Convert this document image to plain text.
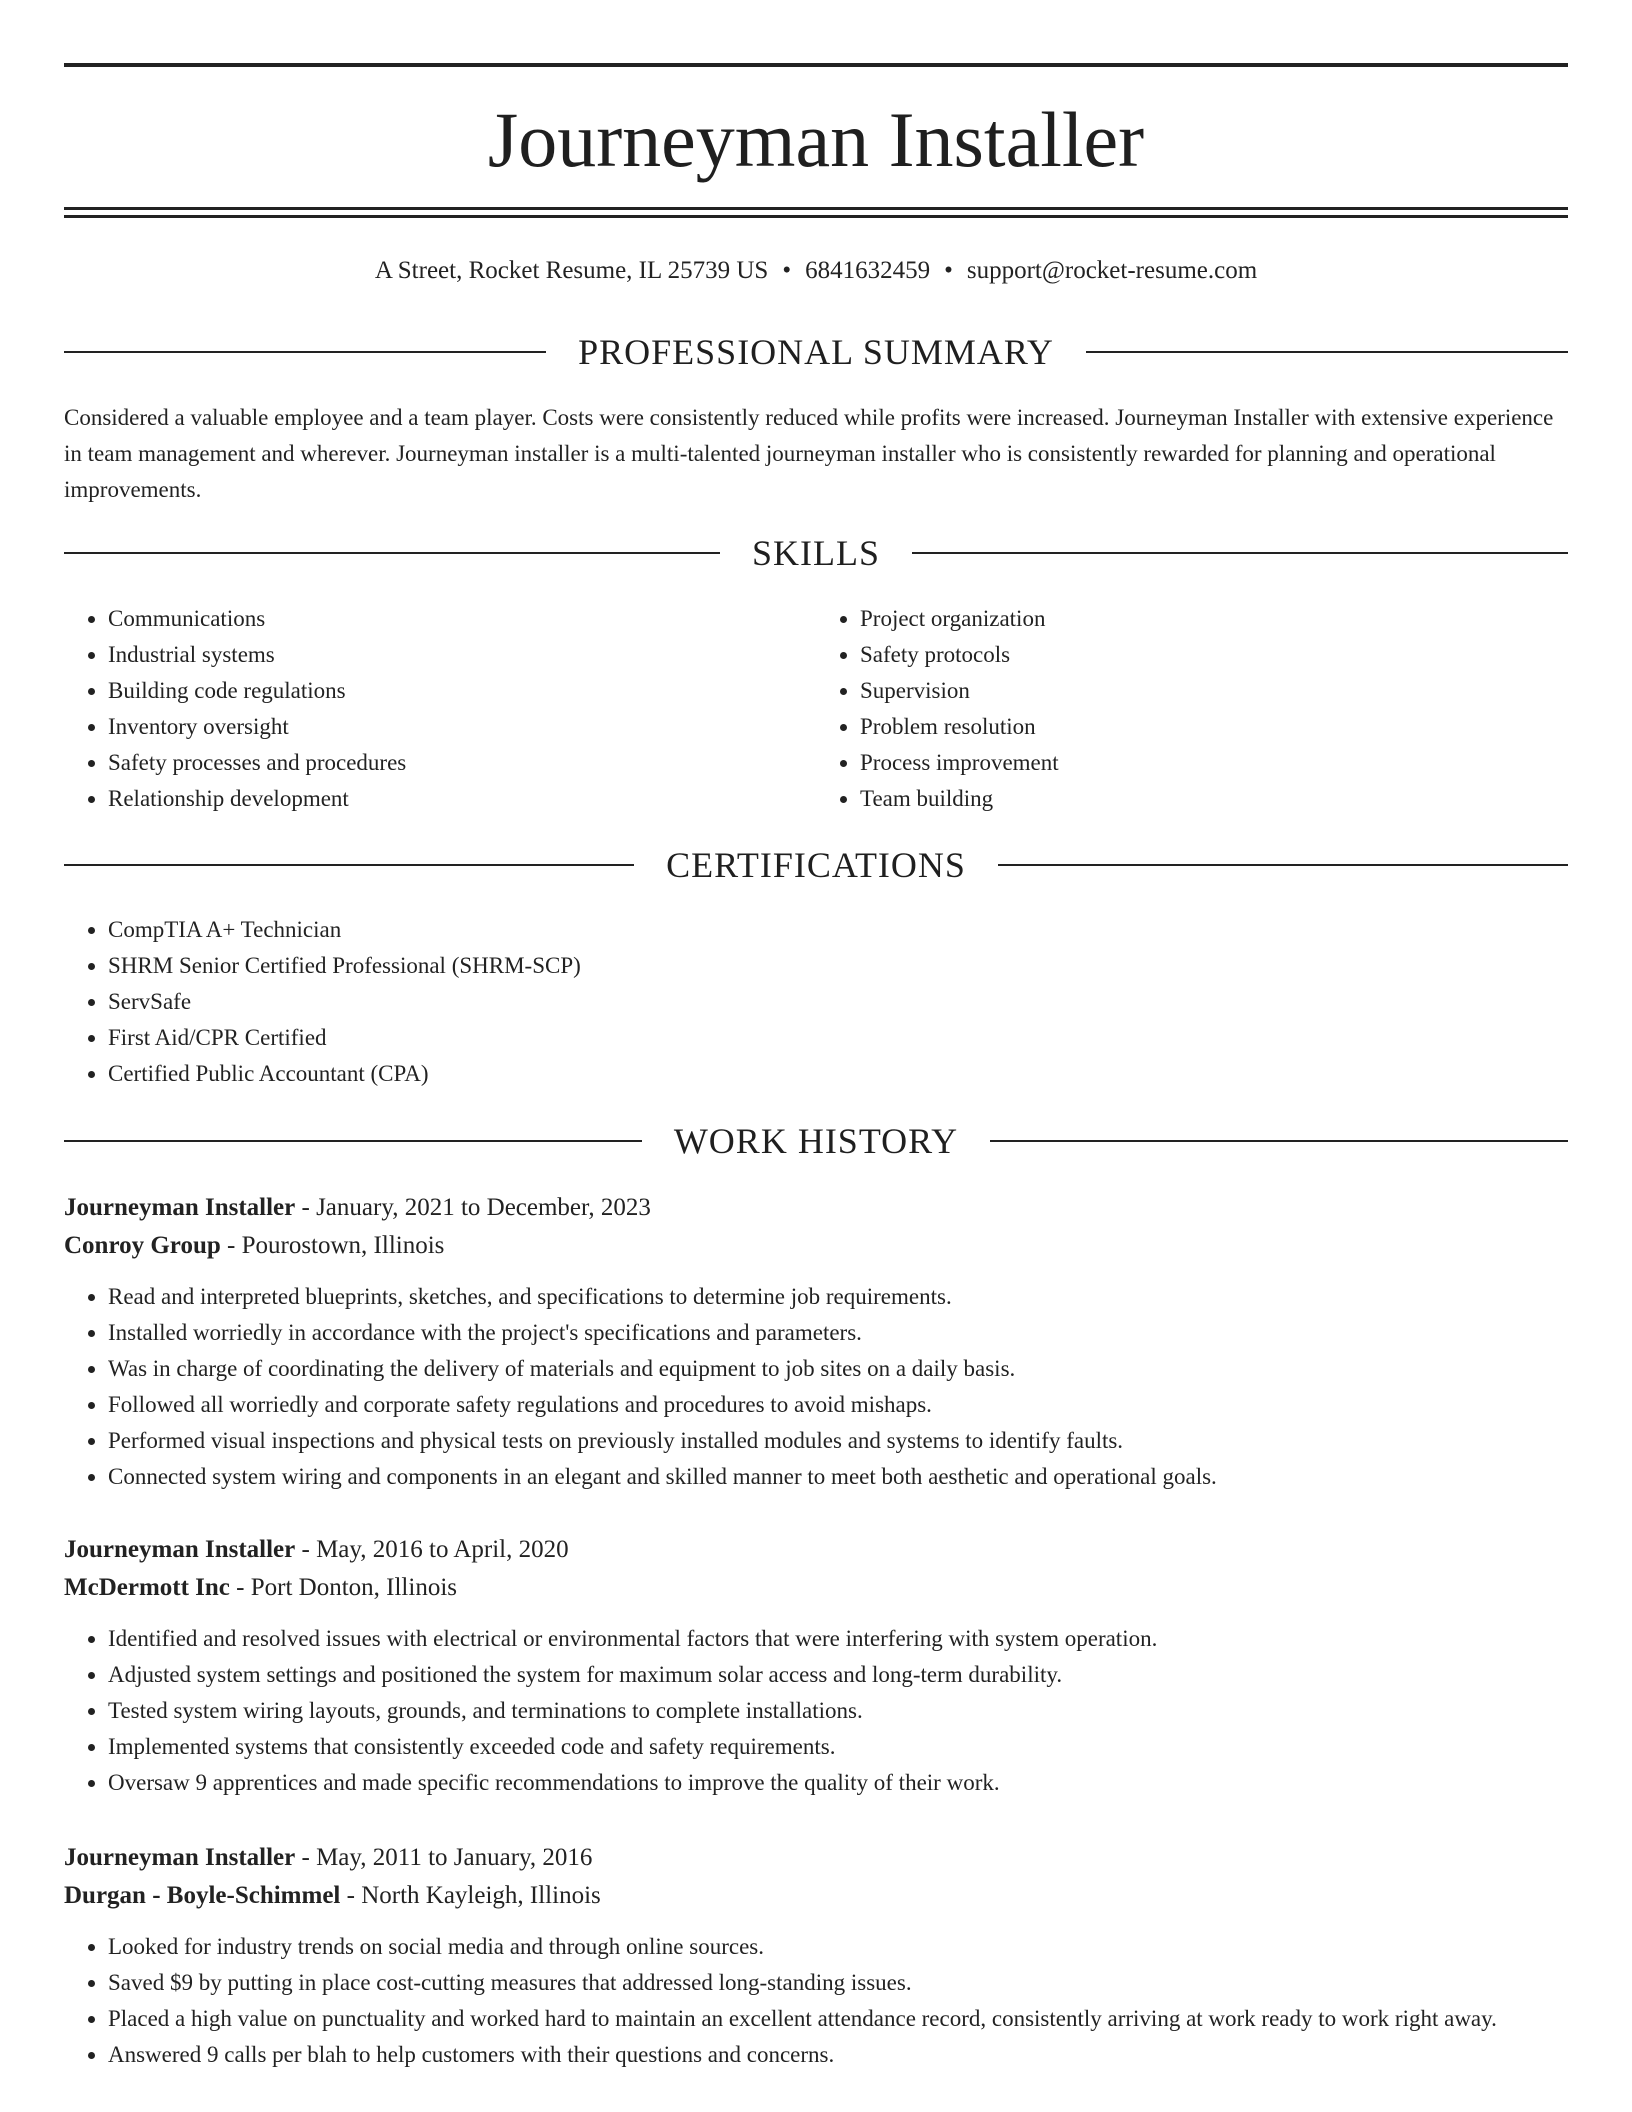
Journeyman Installer
A Street, Rocket Resume, IL 25739 US • 6841632459 • support@rocket-resume.com
PROFESSIONAL SUMMARY
Considered a valuable employee and a team player. Costs were consistently reduced while profits were increased. Journeyman Installer with extensive experience in team management and wherever. Journeyman installer is a multi-talented journeyman installer who is consistently rewarded for planning and operational improvements.
SKILLS
• Communications
• Industrial systems
• Building code regulations
• Inventory oversight
• Safety processes and procedures
• Relationship development
• Project organization
• Safety protocols
• Supervision
• Problem resolution
• Process improvement
• Team building
CERTIFICATIONS
• CompTIA A+ Technician
• SHRM Senior Certified Professional (SHRM-SCP)
• ServSafe
• First Aid/CPR Certified
• Certified Public Accountant (CPA)
WORK HISTORY
Journeyman Installer - January, 2021 to December, 2023
Conroy Group - Pourostown, Illinois
• Read and interpreted blueprints, sketches, and specifications to determine job requirements.
• Installed worriedly in accordance with the project's specifications and parameters.
• Was in charge of coordinating the delivery of materials and equipment to job sites on a daily basis.
• Followed all worriedly and corporate safety regulations and procedures to avoid mishaps.
• Performed visual inspections and physical tests on previously installed modules and systems to identify faults.
• Connected system wiring and components in an elegant and skilled manner to meet both aesthetic and operational goals.
Journeyman Installer - May, 2016 to April, 2020
McDermott Inc - Port Donton, Illinois
• Identified and resolved issues with electrical or environmental factors that were interfering with system operation.
• Adjusted system settings and positioned the system for maximum solar access and long-term durability.
• Tested system wiring layouts, grounds, and terminations to complete installations.
• Implemented systems that consistently exceeded code and safety requirements.
• Oversaw 9 apprentices and made specific recommendations to improve the quality of their work.
Journeyman Installer - May, 2011 to January, 2016
Durgan - Boyle-Schimmel - North Kayleigh, Illinois
• Looked for industry trends on social media and through online sources.
• Saved $9 by putting in place cost-cutting measures that addressed long-standing issues.
• Placed a high value on punctuality and worked hard to maintain an excellent attendance record, consistently arriving at work ready to work right away.
• Answered 9 calls per blah to help customers with their questions and concerns.
